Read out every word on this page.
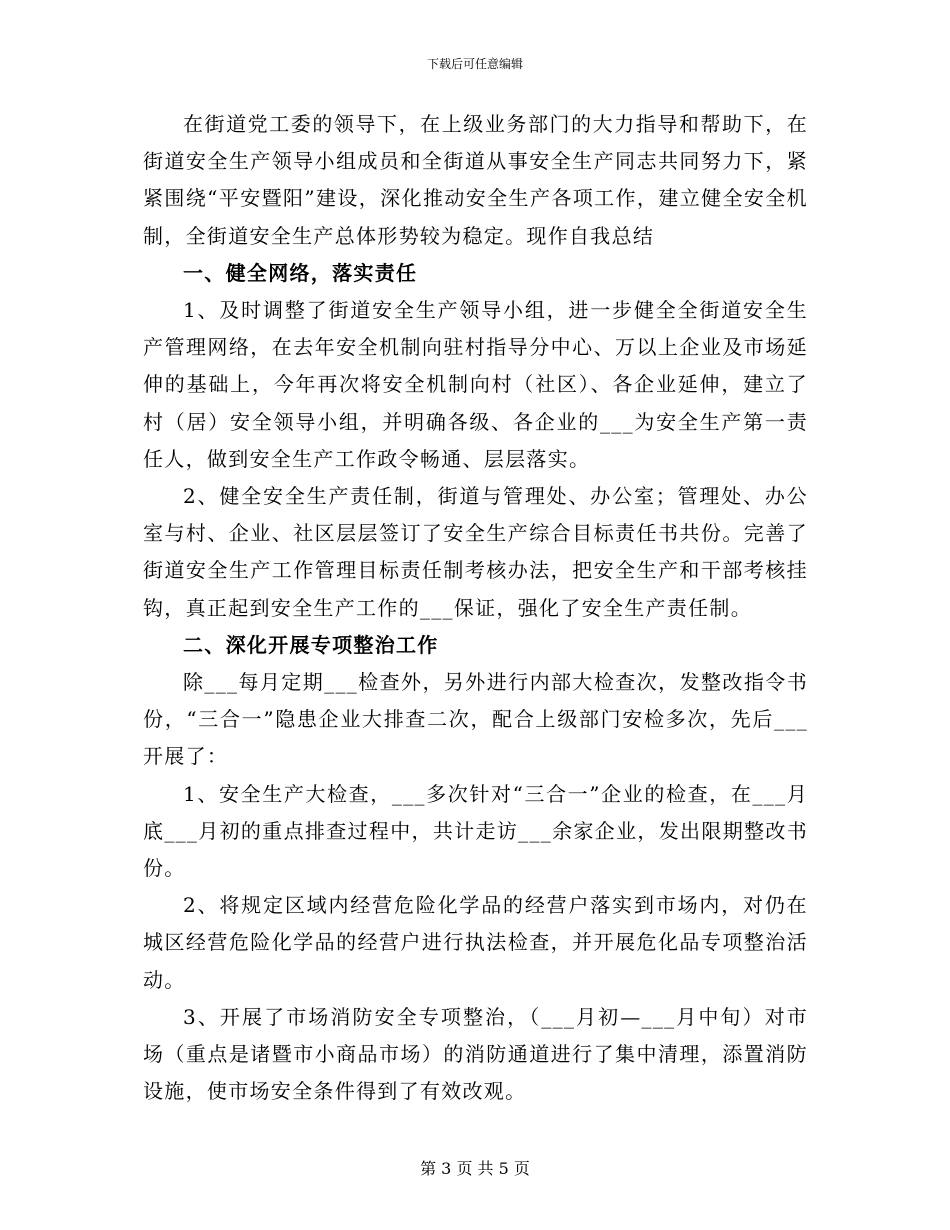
下载后可任意编辑

在街道党工委的领导下，在上级业务部门的大力指导和帮助下，在街道安全生产领导小组成员和全街道从事安全生产同志共同努力下，紧紧围绕“平安暨阳”建设，深化推动安全生产各项工作，建立健全安全机制，全街道安全生产总体形势较为稳定。现作自我总结

一、健全网络，落实责任

1、及时调整了街道安全生产领导小组，进一步健全全街道安全生产管理网络，在去年安全机制向驻村指导分中心、万以上企业及市场延伸的基础上，今年再次将安全机制向村（社区）、各企业延伸，建立了村（居）安全领导小组，并明确各级、各企业的___为安全生产第一责任人，做到安全生产工作政令畅通、层层落实。

2、健全安全生产责任制，街道与管理处、办公室；管理处、办公室与村、企业、社区层层签订了安全生产综合目标责任书共份。完善了街道安全生产工作管理目标责任制考核办法，把安全生产和干部考核挂钩，真正起到安全生产工作的___保证，强化了安全生产责任制。

二、深化开展专项整治工作

除___每月定期___检查外，另外进行内部大检查次，发整改指令书份，“三合一”隐患企业大排查二次，配合上级部门安检多次，先后___开展了：

1、安全生产大检查，___多次针对“三合一”企业的检查，在___月底___月初的重点排查过程中，共计走访___余家企业，发出限期整改书份。

2、将规定区域内经营危险化学品的经营户落实到市场内，对仍在城区经营危险化学品的经营户进行执法检查，并开展危化品专项整治活动。

3、开展了市场消防安全专项整治，（___月初—___月中旬）对市场（重点是诸暨市小商品市场）的消防通道进行了集中清理，添置消防设施，使市场安全条件得到了有效改观。

第 3 页 共 5 页
